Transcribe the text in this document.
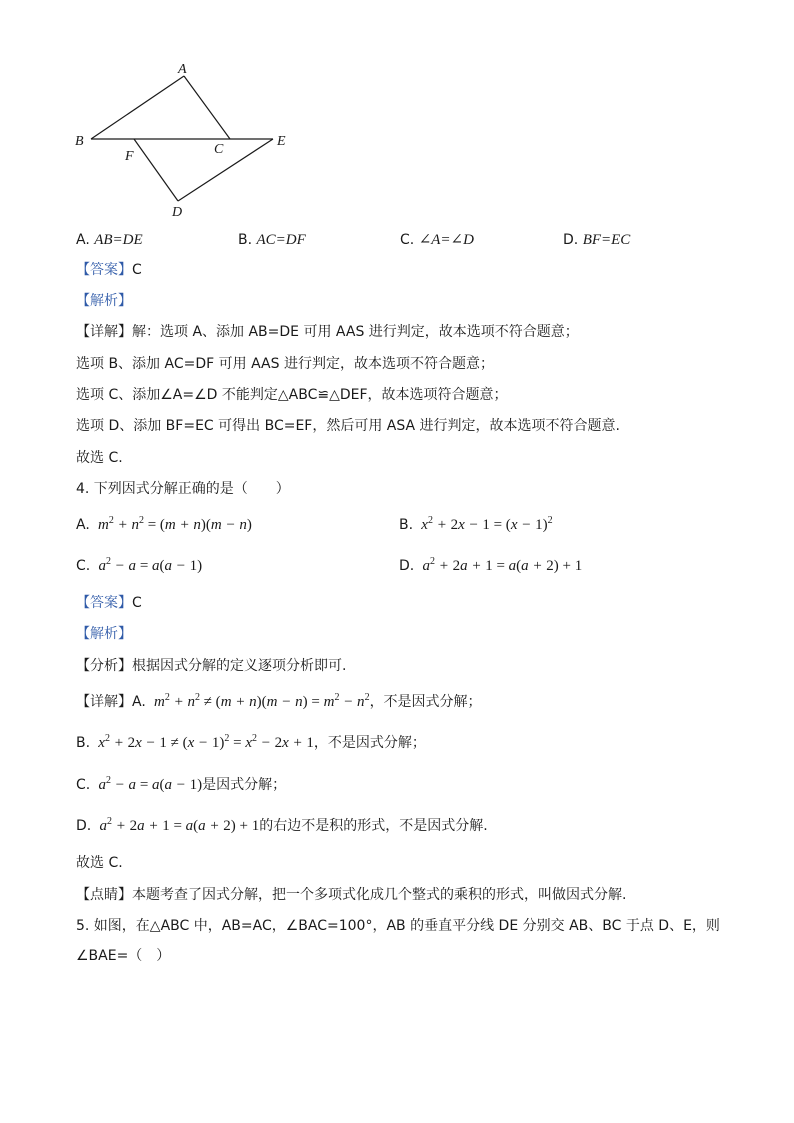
A
B
C
E
F
D
A. AB=DE	B. AC=DF	C. ∠A=∠D	D. BF=EC
【答案】C
【解析】
【详解】解：选项 A、添加 AB=DE 可用 AAS 进行判定，故本选项不符合题意；
选项 B、添加 AC=DF 可用 AAS 进行判定，故本选项不符合题意；
选项 C、添加∠A=∠D 不能判定△ABC≌△DEF，故本选项符合题意；
选项 D、添加 BF=EC 可得出 BC=EF，然后可用 ASA 进行判定，故本选项不符合题意.
故选 C.
4. 下列因式分解正确的是（　　）
A.  $m^2 + n^2 = (m + n)(m - n)$	B.  $x^2 + 2x - 1 = (x - 1)^2$
C.  $a^2 - a = a(a - 1)$	D.  $a^2 + 2a + 1 = a(a + 2) + 1$
【答案】C
【解析】
【分析】根据因式分解的定义逐项分析即可.
【详解】A.  $m^2 + n^2 \ne (m + n)(m - n) = m^2 - n^2$，不是因式分解；
B.  $x^2 + 2x - 1 \ne (x - 1)^2 = x^2 - 2x + 1$，不是因式分解；
C.  $a^2 - a = a(a - 1)$是因式分解；
D.  $a^2 + 2a + 1 = a(a + 2) + 1$的右边不是积的形式，不是因式分解.
故选 C.
【点睛】本题考查了因式分解，把一个多项式化成几个整式的乘积的形式，叫做因式分解.
5. 如图，在△ABC 中，AB=AC，∠BAC=100°，AB 的垂直平分线 DE 分别交 AB、BC 于点 D、E，则
∠BAE=（　）
